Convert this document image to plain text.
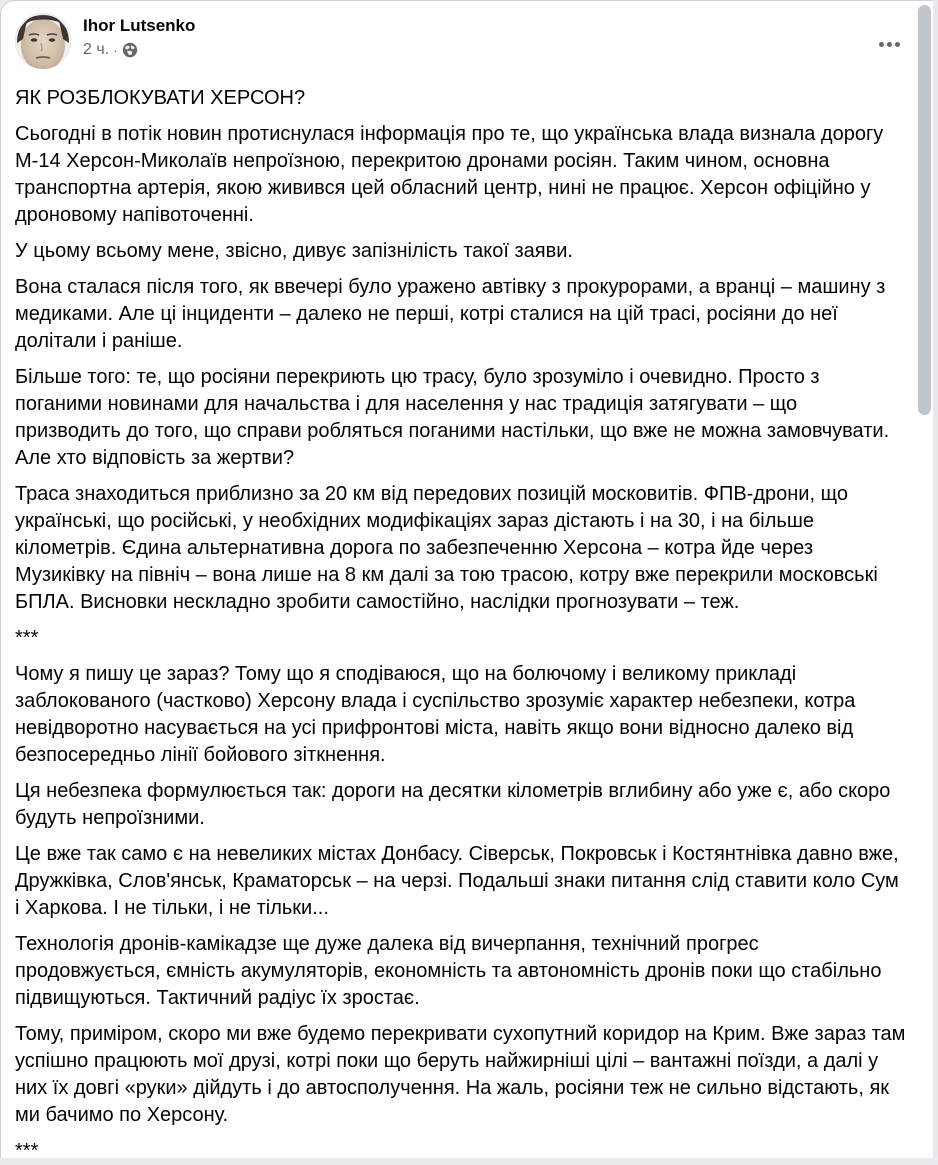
Ihor Lutsenko
2 ч. ·

ЯК РОЗБЛОКУВАТИ ХЕРСОН?

Сьогодні в потік новин протиснулася інформація про те, що українська влада визнала дорогу М-14 Херсон-Миколаїв непроїзною, перекритою дронами росіян. Таким чином, основна транспортна артерія, якою живився цей обласний центр, нині не працює. Херсон офіційно у дроновому напівоточенні.

У цьому всьому мене, звісно, дивує запізнілість такої заяви.

Вона сталася після того, як ввечері було уражено автівку з прокурорами, а вранці – машину з медиками. Але ці інциденти – далеко не перші, котрі сталися на цій трасі, росіяни до неї долітали і раніше.

Більше того: те, що росіяни перекриють цю трасу, було зрозуміло і очевидно. Просто з поганими новинами для начальства і для населення у нас традиція затягувати – що призводить до того, що справи робляться поганими настільки, що вже не можна замовчувати. Але хто відповість за жертви?

Траса знаходиться приблизно за 20 км від передових позицій московитів. ФПВ-дрони, що українські, що російські, у необхідних модифікаціях зараз дістають і на 30, і на більше кілометрів. Єдина альтернативна дорога по забезпеченню Херсона – котра йде через Музиківку на північ – вона лише на 8 км далі за тою трасою, котру вже перекрили московські БПЛА. Висновки нескладно зробити самостійно, наслідки прогнозувати – теж.

***

Чому я пишу це зараз? Тому що я сподіваюся, що на болючому і великому прикладі заблокованого (частково) Херсону влада і суспільство зрозуміє характер небезпеки, котра невідворотно насувається на усі прифронтові міста, навіть якщо вони відносно далеко від безпосередньо лінії бойового зіткнення.

Ця небезпека формулюється так: дороги на десятки кілометрів вглибину або уже є, або скоро будуть непроїзними.

Це вже так само є на невеликих містах Донбасу. Сіверськ, Покровськ і Костянтнівка давно вже, Дружківка, Слов'янськ, Краматорськ – на черзі. Подальші знаки питання слід ставити коло Сум і Харкова. І не тільки, і не тільки...

Технологія дронів-камікадзе ще дуже далека від вичерпання, технічний прогрес продовжується, ємність акумуляторів, економність та автономність дронів поки що стабільно підвищуються. Тактичний радіус їх зростає.

Тому, приміром, скоро ми вже будемо перекривати сухопутний коридор на Крим. Вже зараз там успішно працюють мої друзі, котрі поки що беруть найжирніші цілі – вантажні поїзди, а далі у них їх довгі «руки» дійдуть і до автосполучення. На жаль, росіяни теж не сильно відстають, як ми бачимо по Херсону.

***
